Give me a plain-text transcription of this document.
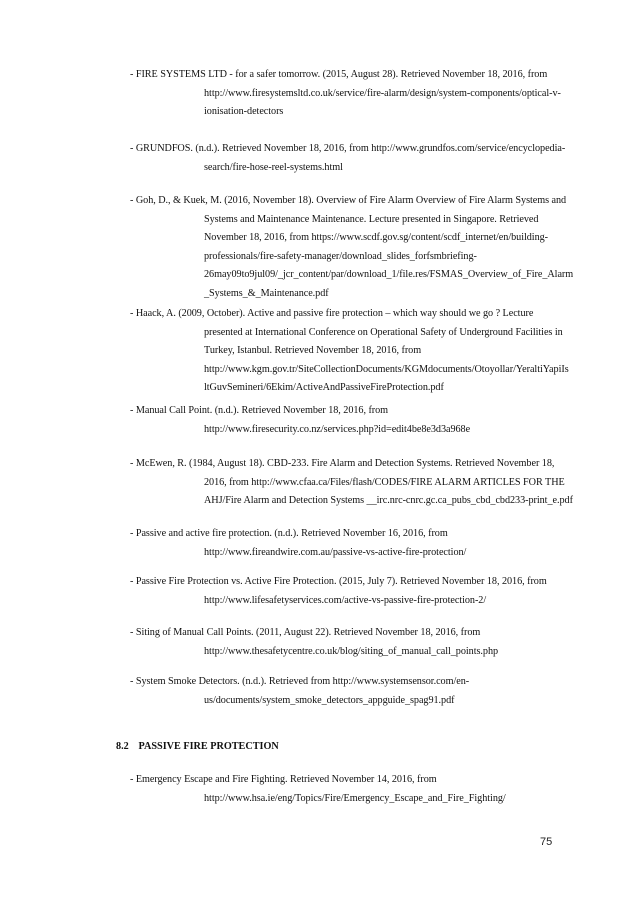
- FIRE SYSTEMS LTD - for a safer tomorrow. (2015, August 28). Retrieved November 18, 2016, from
http://www.firesystemsltd.co.uk/service/fire-alarm/design/system-components/optical-v-
ionisation-detectors
- GRUNDFOS. (n.d.). Retrieved November 18, 2016, from http://www.grundfos.com/service/encyclopedia-
search/fire-hose-reel-systems.html
- Goh, D., & Kuek, M. (2016, November 18). Overview of Fire Alarm Overview of Fire Alarm Systems and
Systems and Maintenance Maintenance. Lecture presented in Singapore. Retrieved
November 18, 2016, from https://www.scdf.gov.sg/content/scdf_internet/en/building-
professionals/fire-safety-manager/download_slides_forfsmbriefing-
26may09to9jul09/_jcr_content/par/download_1/file.res/FSMAS_Overview_of_Fire_Alarm
_Systems_&_Maintenance.pdf
- Haack, A. (2009, October). Active and passive fire protection – which way should we go ? Lecture
presented at International Conference on Operational Safety of Underground Facilities in
Turkey, Istanbul. Retrieved November 18, 2016, from
http://www.kgm.gov.tr/SiteCollectionDocuments/KGMdocuments/Otoyollar/YeraltiYapiIs
ltGuvSemineri/6Ekim/ActiveAndPassiveFireProtection.pdf
- Manual Call Point. (n.d.). Retrieved November 18, 2016, from
http://www.firesecurity.co.nz/services.php?id=edit4be8e3d3a968e
- McEwen, R. (1984, August 18). CBD-233. Fire Alarm and Detection Systems. Retrieved November 18,
2016, from http://www.cfaa.ca/Files/flash/CODES/FIRE ALARM ARTICLES FOR THE
AHJ/Fire Alarm and Detection Systems __irc.nrc-cnrc.gc.ca_pubs_cbd_cbd233-print_e.pdf
- Passive and active fire protection. (n.d.). Retrieved November 16, 2016, from
http://www.fireandwire.com.au/passive-vs-active-fire-protection/
- Passive Fire Protection vs. Active Fire Protection. (2015, July 7). Retrieved November 18, 2016, from
http://www.lifesafetyservices.com/active-vs-passive-fire-protection-2/
- Siting of Manual Call Points. (2011, August 22). Retrieved November 18, 2016, from
http://www.thesafetycentre.co.uk/blog/siting_of_manual_call_points.php
- System Smoke Detectors. (n.d.). Retrieved from http://www.systemsensor.com/en-
us/documents/system_smoke_detectors_appguide_spag91.pdf
8.2 PASSIVE FIRE PROTECTION
- Emergency Escape and Fire Fighting. Retrieved November 14, 2016, from
http://www.hsa.ie/eng/Topics/Fire/Emergency_Escape_and_Fire_Fighting/
75
